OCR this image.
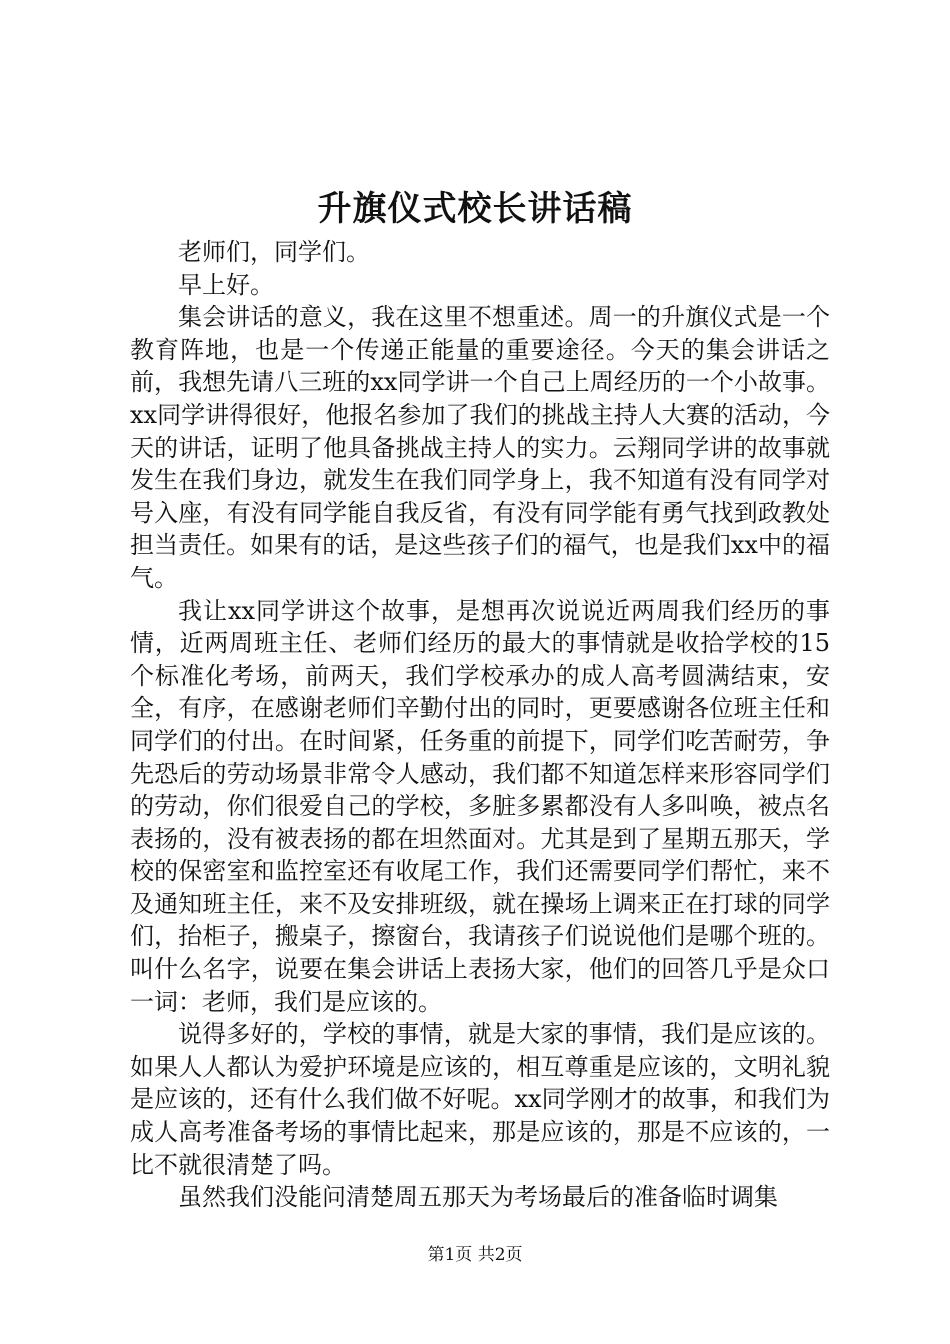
升旗仪式校长讲话稿

老师们，同学们。

早上好。

集会讲话的意义，我在这里不想重述。周一的升旗仪式是一个教育阵地，也是一个传递正能量的重要途径。今天的集会讲话之前，我想先请八三班的xx同学讲一个自己上周经历的一个小故事。xx同学讲得很好，他报名参加了我们的挑战主持人大赛的活动，今天的讲话，证明了他具备挑战主持人的实力。云翔同学讲的故事就发生在我们身边，就发生在我们同学身上，我不知道有没有同学对号入座，有没有同学能自我反省，有没有同学能有勇气找到政教处担当责任。如果有的话，是这些孩子们的福气，也是我们xx中的福气。

我让xx同学讲这个故事，是想再次说说近两周我们经历的事情，近两周班主任、老师们经历的最大的事情就是收拾学校的15个标准化考场，前两天，我们学校承办的成人高考圆满结束，安全，有序，在感谢老师们辛勤付出的同时，更要感谢各位班主任和同学们的付出。在时间紧，任务重的前提下，同学们吃苦耐劳，争先恐后的劳动场景非常令人感动，我们都不知道怎样来形容同学们的劳动，你们很爱自己的学校，多脏多累都没有人多叫唤，被点名表扬的，没有被表扬的都在坦然面对。尤其是到了星期五那天，学校的保密室和监控室还有收尾工作，我们还需要同学们帮忙，来不及通知班主任，来不及安排班级，就在操场上调来正在打球的同学们，抬柜子，搬桌子，擦窗台，我请孩子们说说他们是哪个班的。叫什么名字，说要在集会讲话上表扬大家，他们的回答几乎是众口一词：老师，我们是应该的。

说得多好的，学校的事情，就是大家的事情，我们是应该的。如果人人都认为爱护环境是应该的，相互尊重是应该的，文明礼貌是应该的，还有什么我们做不好呢。xx同学刚才的故事，和我们为成人高考准备考场的事情比起来，那是应该的，那是不应该的，一比不就很清楚了吗。

虽然我们没能问清楚周五那天为考场最后的准备临时调集

第1页 共2页
